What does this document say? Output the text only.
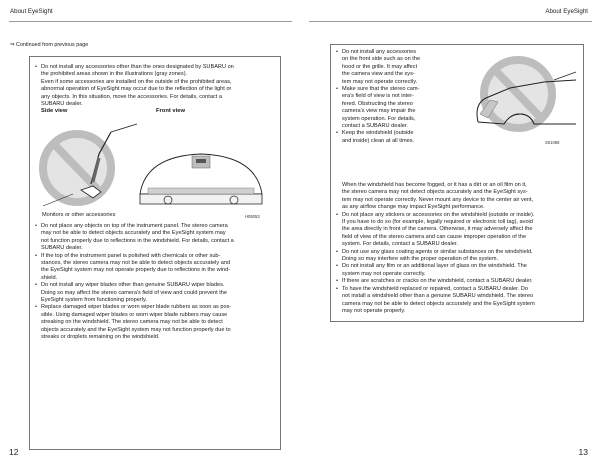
About EyeSight	About EyeSight
⇒ Continued from previous page
• Do not install any accessories other than the ones designated by SUBARU on
the prohibited areas shown in the illustrations (gray zones).
Even if some accessories are installed on the outside of the prohibited areas,
abnormal operation of EyeSight may occur due to the reflection of the light or
any objects. In this situation, move the accessories. For details, contact a
SUBARU dealer.
Side view	Front view
Monitors or other accessories	H05053
• Do not place any objects on top of the instrument panel. The stereo camera
may not be able to detect objects accurately and the EyeSight system may
not function properly due to reflections in the windshield. For details, contact a
SUBARU dealer.
• If the top of the instrument panel is polished with chemicals or other sub-
stances, the stereo camera may not be able to detect objects accurately and
the EyeSight system may not operate properly due to reflections in the wind-
shield.
• Do not install any wiper blades other than genuine SUBARU wiper blades.
Doing so may affect the stereo camera's field of view and could prevent the
EyeSight system from functioning properly.
• Replace damaged wiper blades or worn wiper blade rubbers as soon as pos-
sible. Using damaged wiper blades or worn wiper blade rubbers may cause
streaking on the windshield. The stereo camera may not be able to detect
objects accurately and the EyeSight system may not function properly due to
streaks or droplets remaining on the windshield.
• Do not install any accessories
on the front side such as on the
hood or the grille. It may affect
the camera view and the sys-
tem may not operate correctly.
• Make sure that the stereo cam-
era's field of view is not inter-
fered. Obstructing the stereo
camera's view may impair the
system operation. For details,
contact a SUBARU dealer.
• Keep the windshield (outside
and inside) clean at all times.	S01096
When the windshield has become fogged, or it has a dirt or an oil film on it,
the stereo camera may not detect objects accurately and the EyeSight sys-
tem may not operate correctly. Never mount any device to the center air vent,
as any airflow change may impact EyeSight performance.
• Do not place any stickers or accessories on the windshield (outside or inside).
If you have to do so (for example, legally required or electronic toll tag), avoid
the area directly in front of the camera. Otherwise, it may adversely affect the
field of view of the stereo camera and can cause improper operation of the
system. For details, contact a SUBARU dealer.
• Do not use any glass coating agents or similar substances on the windshield.
Doing so may interfere with the proper operation of the system.
• Do not install any film or an additional layer of glass on the windshield. The
system may not operate correctly.
• If there are scratches or cracks on the windshield, contact a SUBARU dealer.
• To have the windshield replaced or repaired, contact a SUBARU dealer. Do
not install a windshield other than a genuine SUBARU windshield. The stereo
camera may not be able to detect objects accurately and the EyeSight system
may not operate properly.
12	13
